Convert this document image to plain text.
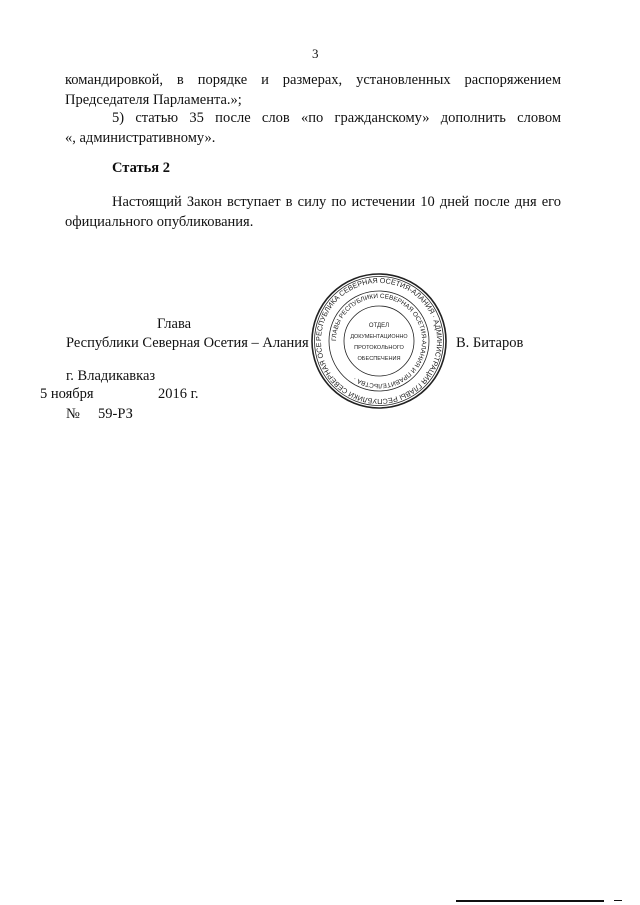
3
командировкой, в порядке и размерах, установленных распоряжением
Председателя Парламента.»;
5) статью 35 после слов «по гражданскому» дополнить словом
«, административному».
Статья 2
Настоящий Закон вступает в силу по истечении 10 дней после дня его
официального опубликования.
Глава
Республики Северная Осетия – Алания	В. Битаров
РЕСПУБЛИКА СЕВЕРНАЯ ОСЕТИЯ-АЛАНИЯ · АДМИНИСТРАЦИЯ ГЛАВЫ РЕСПУБЛИКИ СЕВЕРНАЯ ОСЕ
ГЛАВЫ РЕСПУБЛИКИ СЕВЕРНАЯ ОСЕТИЯ-АЛАНИЯ И ПРАВИТЕЛЬСТВА ·
ОТДЕЛ
ДОКУМЕНТАЦИОННО
ПРОТОКОЛЬНОГО
ОБЕСПЕЧЕНИЯ
г. Владикавказ
5 ноября	2016 г.
№ 59-РЗ
